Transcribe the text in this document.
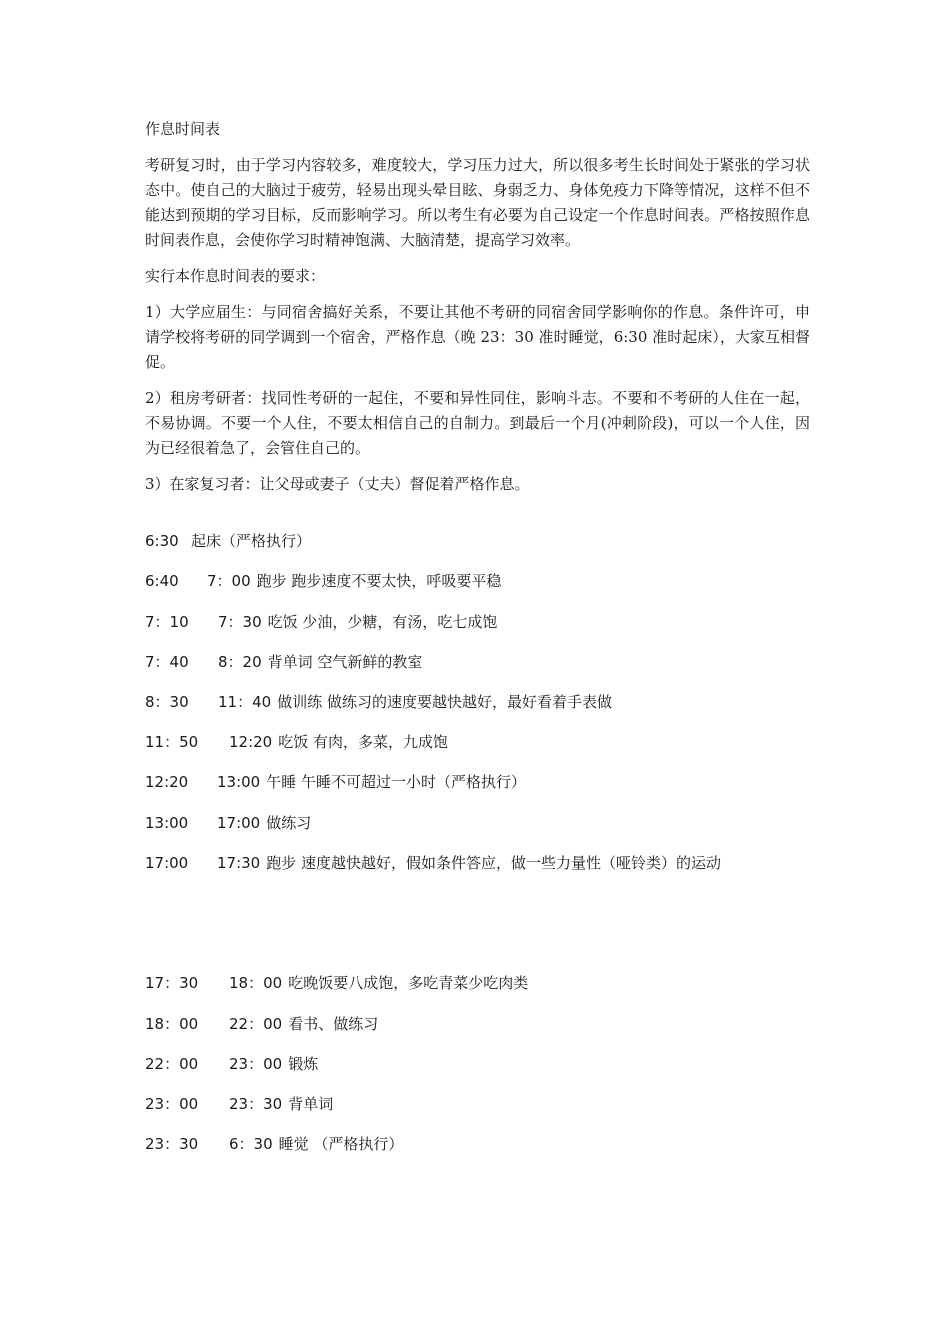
作息时间表

考研复习时，由于学习内容较多，难度较大，学习压力过大，所以很多考生长时间处于紧张的学习状态中。使自己的大脑过于疲劳，轻易出现头晕目眩、身弱乏力、身体免疫力下降等情况，这样不但不能达到预期的学习目标，反而影响学习。所以考生有必要为自己设定一个作息时间表。严格按照作息时间表作息，会使你学习时精神饱满、大脑清楚，提高学习效率。

实行本作息时间表的要求：

1）大学应届生：与同宿舍搞好关系，不要让其他不考研的同宿舍同学影响你的作息。条件许可，申请学校将考研的同学调到一个宿舍，严格作息（晚 23：30 准时睡觉，6:30 准时起床），大家互相督促。

2）租房考研者：找同性考研的一起住，不要和异性同住，影响斗志。不要和不考研的人住在一起，不易协调。不要一个人住，不要太相信自己的自制力。到最后一个月(冲刺阶段)，可以一个人住，因为已经很着急了，会管住自己的。

3）在家复习者：让父母或妻子（丈夫）督促着严格作息。

6:30 起床（严格执行）
6:40 7：00 跑步 跑步速度不要太快，呼吸要平稳
7：10 7：30 吃饭 少油，少糖，有汤，吃七成饱
7：40 8：20 背单词 空气新鲜的教室
8：30 11：40 做训练 做练习的速度要越快越好，最好看着手表做
11：50 12:20 吃饭 有肉，多菜，九成饱
12:20 13:00 午睡 午睡不可超过一小时（严格执行）
13:00 17:00 做练习
17:00 17:30 跑步 速度越快越好，假如条件答应，做一些力量性（哑铃类）的运动
17：30 18：00 吃晚饭要八成饱，多吃青菜少吃肉类
18：00 22：00 看书、做练习
22：00 23：00 锻炼
23：00 23：30 背单词
23：30 6：30 睡觉 （严格执行）
